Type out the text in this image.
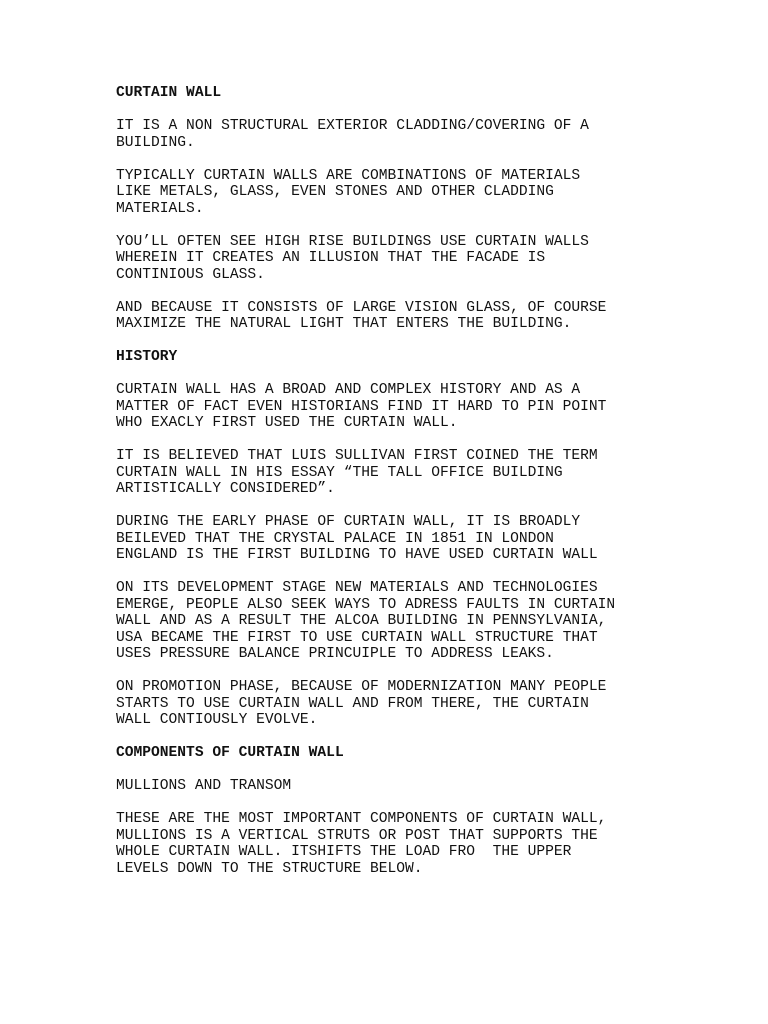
CURTAIN WALL
IT IS A NON STRUCTURAL EXTERIOR CLADDING/COVERING OF A
BUILDING.
TYPICALLY CURTAIN WALLS ARE COMBINATIONS OF MATERIALS
LIKE METALS, GLASS, EVEN STONES AND OTHER CLADDING
MATERIALS.
YOU’LL OFTEN SEE HIGH RISE BUILDINGS USE CURTAIN WALLS
WHEREIN IT CREATES AN ILLUSION THAT THE FACADE IS
CONTINIOUS GLASS.
AND BECAUSE IT CONSISTS OF LARGE VISION GLASS, OF COURSE
MAXIMIZE THE NATURAL LIGHT THAT ENTERS THE BUILDING.
HISTORY
CURTAIN WALL HAS A BROAD AND COMPLEX HISTORY AND AS A
MATTER OF FACT EVEN HISTORIANS FIND IT HARD TO PIN POINT
WHO EXACLY FIRST USED THE CURTAIN WALL.
IT IS BELIEVED THAT LUIS SULLIVAN FIRST COINED THE TERM
CURTAIN WALL IN HIS ESSAY “THE TALL OFFICE BUILDING
ARTISTICALLY CONSIDERED”.
DURING THE EARLY PHASE OF CURTAIN WALL, IT IS BROADLY
BEILEVED THAT THE CRYSTAL PALACE IN 1851 IN LONDON
ENGLAND IS THE FIRST BUILDING TO HAVE USED CURTAIN WALL
ON ITS DEVELOPMENT STAGE NEW MATERIALS AND TECHNOLOGIES
EMERGE, PEOPLE ALSO SEEK WAYS TO ADRESS FAULTS IN CURTAIN
WALL AND AS A RESULT THE ALCOA BUILDING IN PENNSYLVANIA,
USA BECAME THE FIRST TO USE CURTAIN WALL STRUCTURE THAT
USES PRESSURE BALANCE PRINCUIPLE TO ADDRESS LEAKS.
ON PROMOTION PHASE, BECAUSE OF MODERNIZATION MANY PEOPLE
STARTS TO USE CURTAIN WALL AND FROM THERE, THE CURTAIN
WALL CONTIOUSLY EVOLVE.
COMPONENTS OF CURTAIN WALL
MULLIONS AND TRANSOM
THESE ARE THE MOST IMPORTANT COMPONENTS OF CURTAIN WALL,
MULLIONS IS A VERTICAL STRUTS OR POST THAT SUPPORTS THE
WHOLE CURTAIN WALL. ITSHIFTS THE LOAD FRO  THE UPPER
LEVELS DOWN TO THE STRUCTURE BELOW.
